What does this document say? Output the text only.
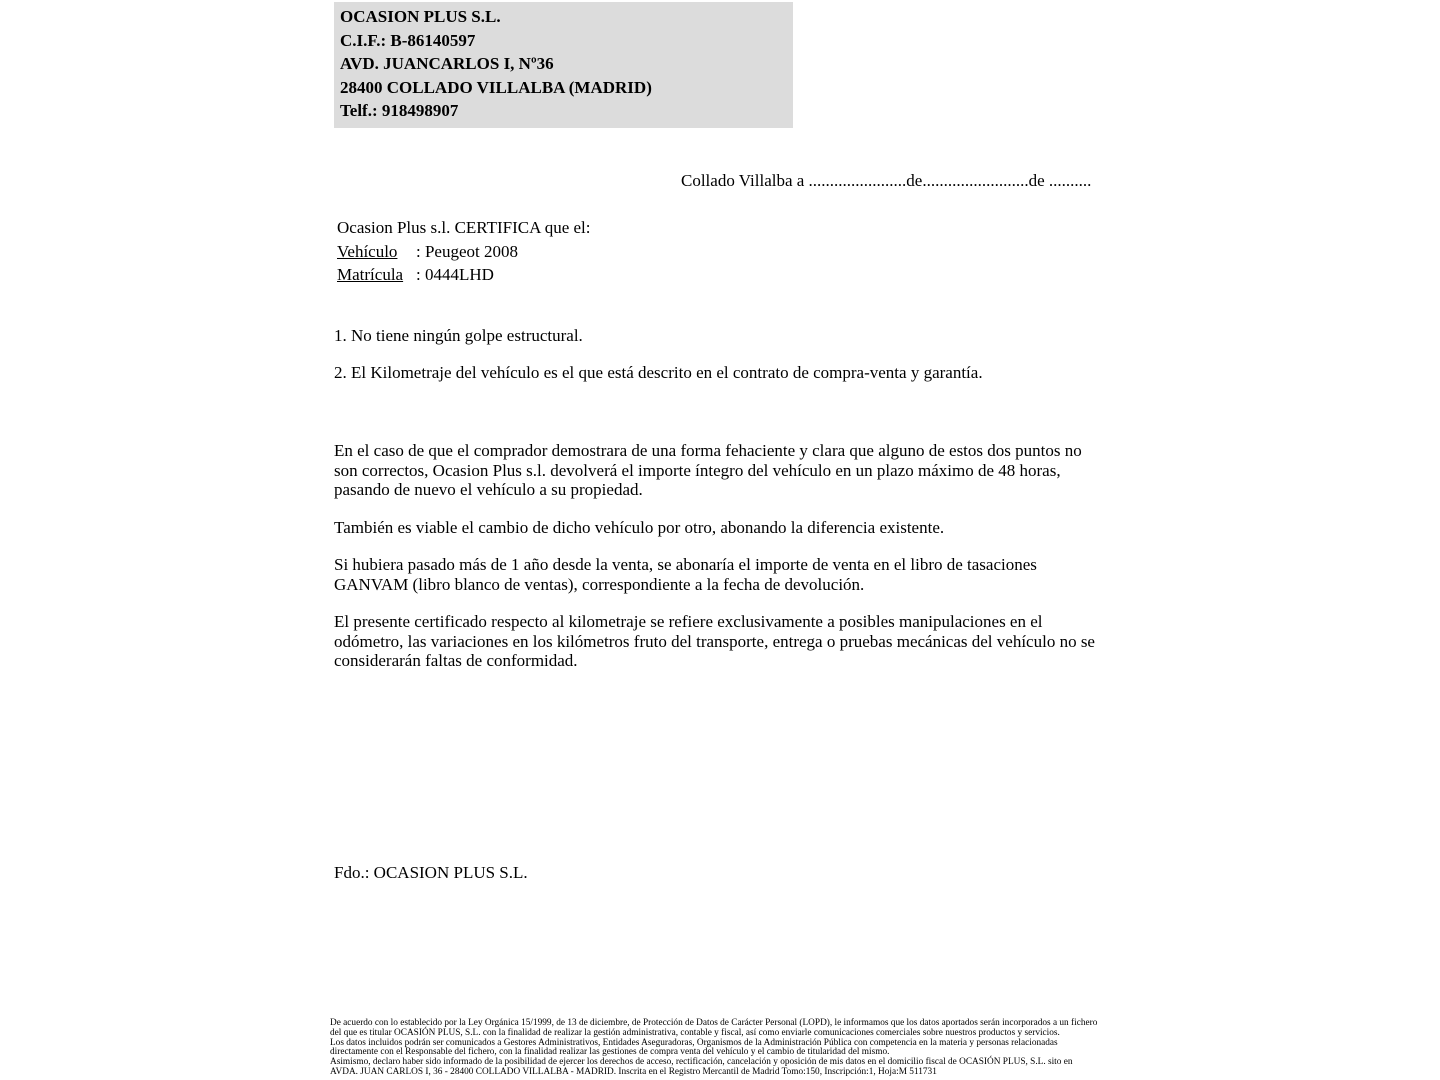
OCASION PLUS S.L.
C.I.F.: B-86140597
AVD. JUANCARLOS I, Nº36
28400 COLLADO VILLALBA (MADRID)
Telf.: 918498907
Collado Villalba a .......................de.........................de ..........
Ocasion Plus s.l. CERTIFICA que el:
Vehículo	: Peugeot 2008
Matrícula : 0444LHD
1. No tiene ningún golpe estructural.
2. El Kilometraje del vehículo es el que está descrito en el contrato de compra-venta y garantía.

En el caso de que el comprador demostrara de una forma fehaciente y clara que alguno de estos dos puntos no son correctos, Ocasion Plus s.l. devolverá el importe íntegro del vehículo en un plazo máximo de 48 horas, pasando de nuevo el vehículo a su propiedad.

También es viable el cambio de dicho vehículo por otro, abonando la diferencia existente.

Si hubiera pasado más de 1 año desde la venta, se abonaría el importe de venta en el libro de tasaciones GANVAM (libro blanco de ventas), correspondiente a la fecha de devolución.

El presente certificado respecto al kilometraje se refiere exclusivamente a posibles manipulaciones en el odómetro, las variaciones en los kilómetros fruto del transporte, entrega o pruebas mecánicas del vehículo no se considerarán faltas de conformidad.

Fdo.: OCASION PLUS S.L.
De acuerdo con lo establecido por la Ley Orgánica 15/1999, de 13 de diciembre, de Protección de Datos de Carácter Personal (LOPD), le informamos que los datos aportados serán incorporados a un fichero del que es titular OCASIÓN PLUS, S.L. con la finalidad de realizar la gestión administrativa, contable y fiscal, así como enviarle comunicaciones comerciales sobre nuestros productos y servicios.
Los datos incluidos podrán ser comunicados a Gestores Administrativos, Entidades Aseguradoras, Organismos de la Administración Pública con competencia en la materia y personas relacionadas directamente con el Responsable del fichero, con la finalidad realizar las gestiones de compra venta del vehículo y el cambio de titularidad del mismo.
Asimismo, declaro haber sido informado de la posibilidad de ejercer los derechos de acceso, rectificación, cancelación y oposición de mis datos en el domicilio fiscal de OCASIÓN PLUS, S.L. sito en AVDA. JUAN CARLOS I, 36 - 28400 COLLADO VILLALBA - MADRID. Inscrita en el Registro Mercantil de Madrid Tomo:150, Inscripción:1, Hoja:M 511731
